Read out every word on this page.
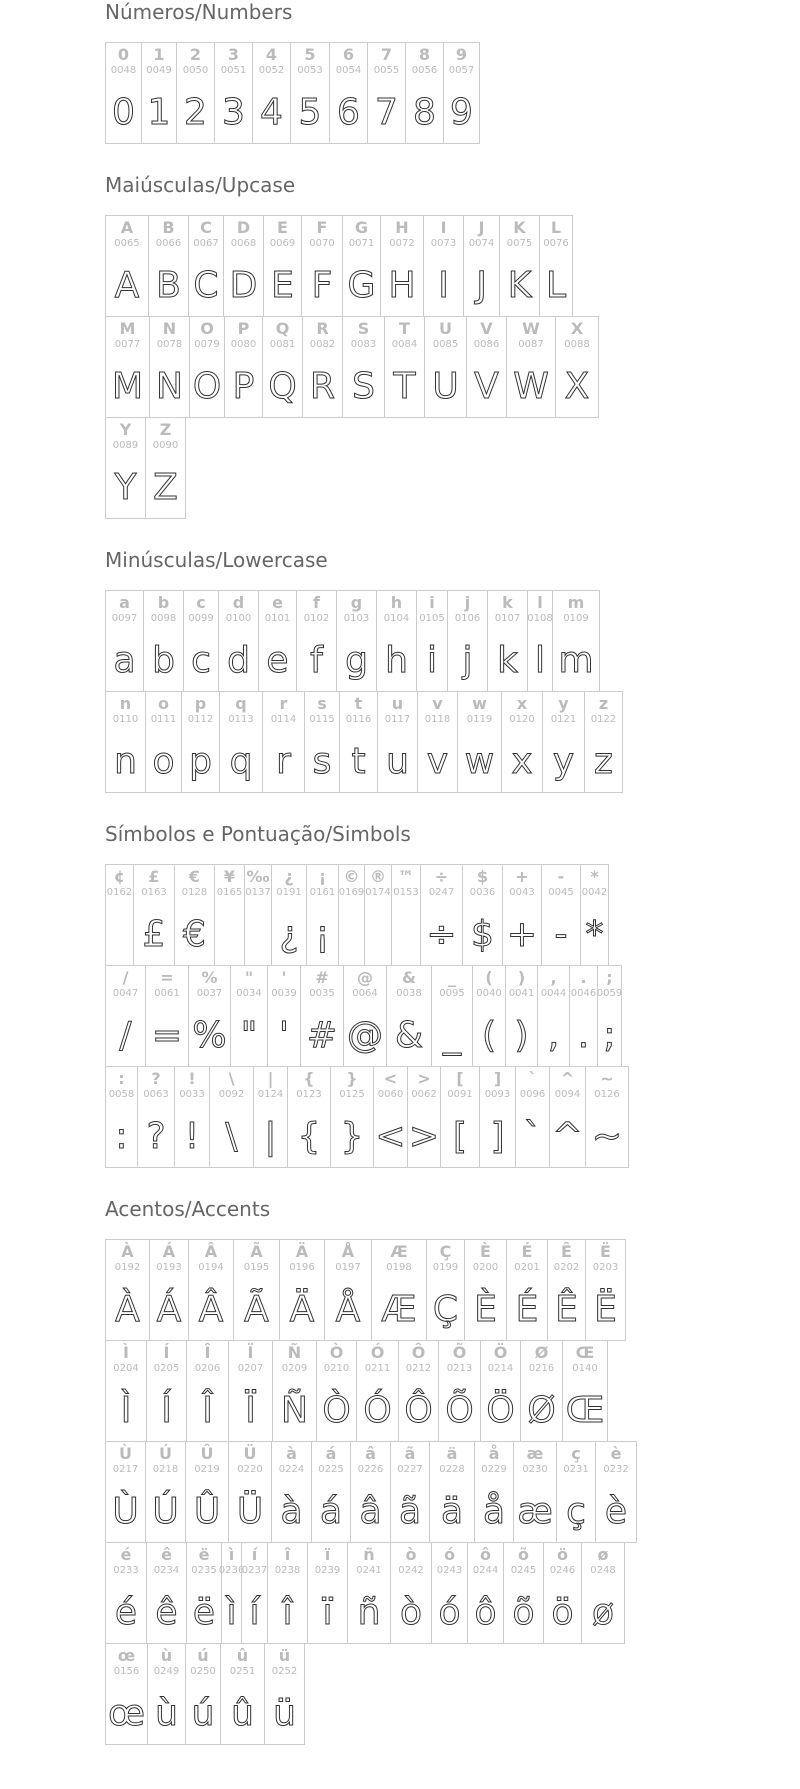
Números/Numbers
0
0048
0
1
0049
1
2
0050
2
3
0051
3
4
0052
4
5
0053
5
6
0054
6
7
0055
7
8
0056
8
9
0057
9
Maiúsculas/Upcase
A
0065
A
B
0066
B
C
0067
C
D
0068
D
E
0069
E
F
0070
F
G
0071
G
H
0072
H
I
0073
I
J
0074
J
K
0075
K
L
0076
L
M
0077
M
N
0078
N
O
0079
O
P
0080
P
Q
0081
Q
R
0082
R
S
0083
S
T
0084
T
U
0085
U
V
0086
V
W
0087
W
X
0088
X
Y
0089
Y
Z
0090
Z
Minúsculas/Lowercase
a
0097
a
b
0098
b
c
0099
c
d
0100
d
e
0101
e
f
0102
f
g
0103
g
h
0104
h
i
0105
i
j
0106
j
k
0107
k
l
0108
l
m
0109
m
n
0110
n
o
0111
o
p
0112
p
q
0113
q
r
0114
r
s
0115
s
t
0116
t
u
0117
u
v
0118
v
w
0119
w
x
0120
x
y
0121
y
z
0122
z
Símbolos e Pontuação/Simbols
¢
0162
£
0163
£
€
0128
€
¥
0165
‰
0137
¿
0191
¿
¡
0161
¡
©
0169
®
0174
™
0153
÷
0247
÷
$
0036
$
+
0043
+
-
0045
-
*
0042
*
/
0047
/
=
0061
=
%
0037
%
"
0034
"
'
0039
'
#
0035
#
@
0064
@
&
0038
&
_
0095
_
(
0040
(
)
0041
)
,
0044
,
.
0046
.
;
0059
;
:
0058
:
?
0063
?
!
0033
!
\
0092
\
|
0124
|
{
0123
{
}
0125
}
<
0060
<
>
0062
>
[
0091
[
]
0093
]
`
0096
`
^
0094
^
~
0126
~
Acentos/Accents
À
0192
À
Á
0193
Á
Â
0194
Â
Ã
0195
Ã
Ä
0196
Ä
Å
0197
Å
Æ
0198
Æ
Ç
0199
Ç
È
0200
È
É
0201
É
Ê
0202
Ê
Ë
0203
Ë
Ì
0204
Ì
Í
0205
Í
Î
0206
Î
Ï
0207
Ï
Ñ
0209
Ñ
Ò
0210
Ò
Ó
0211
Ó
Ô
0212
Ô
Õ
0213
Õ
Ö
0214
Ö
Ø
0216
Ø
Œ
0140
Œ
Ù
0217
Ù
Ú
0218
Ú
Û
0219
Û
Ü
0220
Ü
à
0224
à
á
0225
á
â
0226
â
ã
0227
ã
ä
0228
ä
å
0229
å
æ
0230
æ
ç
0231
ç
è
0232
è
é
0233
é
ê
0234
ê
ë
0235
ë
ì
0236
ì
í
0237
í
î
0238
î
ï
0239
ï
ñ
0241
ñ
ò
0242
ò
ó
0243
ó
ô
0244
ô
õ
0245
õ
ö
0246
ö
ø
0248
ø
œ
0156
œ
ù
0249
ù
ú
0250
ú
û
0251
û
ü
0252
ü
